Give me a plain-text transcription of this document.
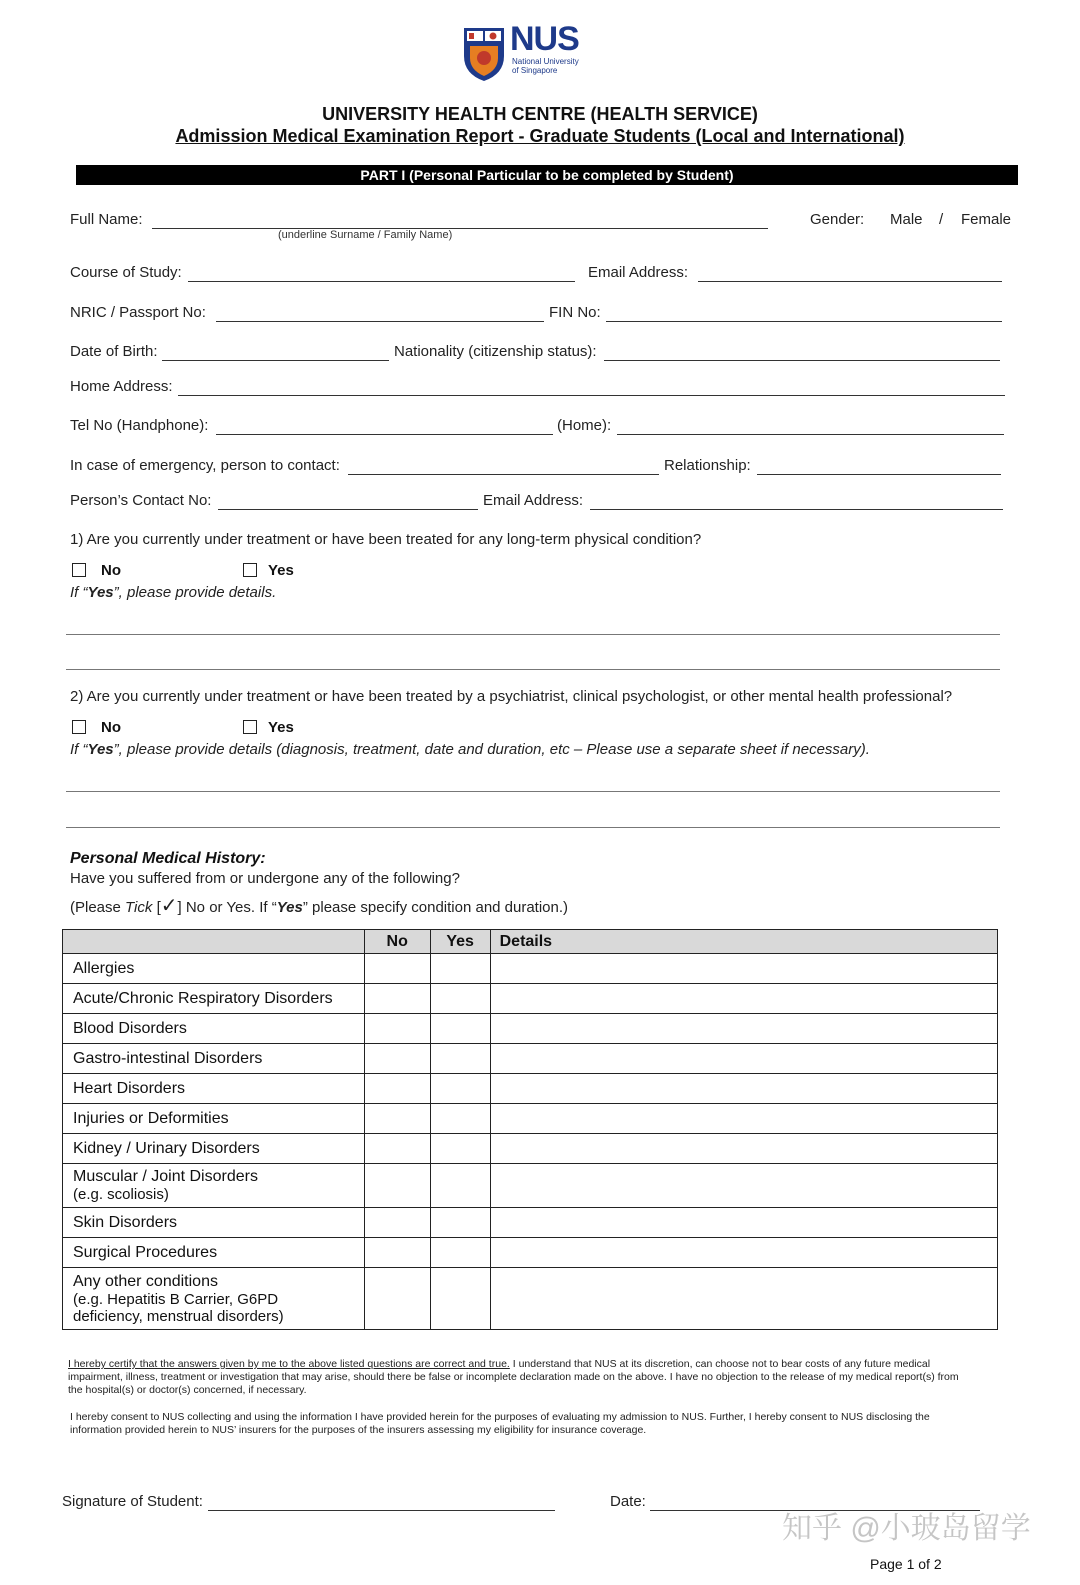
NUS
National University
of Singapore
UNIVERSITY HEALTH CENTRE (HEALTH SERVICE)
Admission Medical Examination Report - Graduate Students (Local and International)
PART I (Personal Particular to be completed by Student)
Full Name:
(underline Surname / Family Name)
Gender: Male / Female
Course of Study:	Email Address:
NRIC / Passport No:	FIN No:
Date of Birth:	Nationality (citizenship status):
Home Address:
Tel No (Handphone):	(Home):
In case of emergency, person to contact:	Relationship:
Person’s Contact No:	Email Address:
1) Are you currently under treatment or have been treated for any long-term physical condition?
No	Yes
If “Yes”, please provide details.
2) Are you currently under treatment or have been treated by a psychiatrist, clinical psychologist, or other mental health professional?
No	Yes
If “Yes”, please provide details (diagnosis, treatment, date and duration, etc – Please use a separate sheet if necessary).
Personal Medical History:
Have you suffered from or undergone any of the following?
(Please Tick [✓] No or Yes. If “Yes” please specify condition and duration.)
	No	Yes	Details

Allergies			

Acute/Chronic Respiratory Disorders			

Blood Disorders			

Gastro-intestinal Disorders			

Heart Disorders			

Injuries or Deformities			

Kidney / Urinary Disorders			

Muscular / Joint Disorders
(e.g. scoliosis)			

Skin Disorders			

Surgical Procedures			

Any other conditions
(e.g. Hepatitis B Carrier, G6PD
deficiency, menstrual disorders)			

I hereby certify that the answers given by me to the above listed questions are correct and true. I understand that NUS at its discretion, can choose not to bear costs of any future medical impairment, illness, treatment or investigation that may arise, should there be false or incomplete declaration made on the above. I have no objection to the release of my medical report(s) from the hospital(s) or doctor(s) concerned, if necessary.
I hereby consent to NUS collecting and using the information I have provided herein for the purposes of evaluating my admission to NUS. Further, I hereby consent to NUS disclosing the information provided herein to NUS’ insurers for the purposes of the insurers assessing my eligibility for insurance coverage.
Signature of Student:	Date:
Page 1 of 2
知乎 @小玻岛留学
